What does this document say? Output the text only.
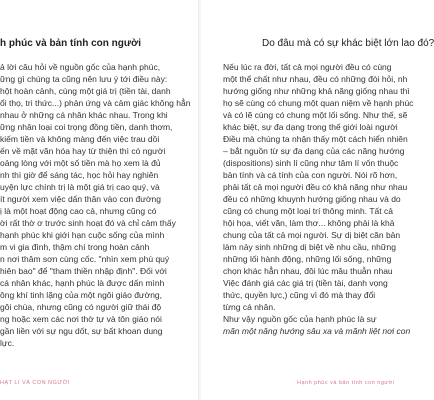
h phúc và bản tính con người
ả lời câu hỏi về nguồn gốc của hạnh phúc,
ững gì chúng ta cũng nên lưu ý tới điều này:
hột hoàn cảnh, cùng một giá trị (tiền tài, danh
ổi thọ, tri thức...) phản ứng và cảm giác không hẳn
nhau ở những cá nhân khác nhau. Trong khi
ững nhân loại coi trọng đồng tiền, danh thơm,
kiếm tiền và không màng đến việc trau dồi
ến về mặt văn hóa hay từ thiện thì có người
oảng lòng với một số tiền mà họ xem là đủ
nh thì giờ để sáng tác, học hỏi hay nghiên
uyện lực chính trị là một giá trị cao quý, và
ít người xem việc dấn thân vào con đường
ị là một hoạt động cao cả, nhưng cũng có
ời rất thờ ơ trước sinh hoạt đó và chỉ cảm thấy
hạnh phúc khi giới hạn cuộc sống của mình
m vi gia đình, thậm chí trong hoàn cảnh
n nơi thâm sơn cùng cốc. "nhìn xem phù quý
hiên bao" để "tham thiền nhập định". Đối với
cá nhân khác, hạnh phúc là được dấn mình
ông khí tinh lặng của một ngôi giáo đường,
gôi chùa, nhưng cũng có người giữ thái độ
ng hoặc xem các nơi thờ tự và tôn giáo nói
gần liền với sự ngu dốt, sự bất khoan dung
lực.
HẠT LI VÀ CON NGƯỜI
Do đâu mà có sự khác biệt lớn lao đó?
Nếu lúc ra đời, tất cả mọi người đều có cùng
một thể chất như nhau, đều có những đòi hỏi, nh
hướng giống như những khả năng giống nhau thì
họ sẽ cùng có chung một quan niệm về hạnh phúc
và có lẽ cùng có chung một lối sống. Như thế, sẽ
khác biệt, sự đa dạng trong thế giới loài người
Điều mà chúng ta nhận thấy một cách hiển nhiên
– bắt nguồn từ sự đa dạng của các năng hướng
(dispositions) sinh lí cũng như tâm lí vốn thuộc
bản tính và cá tính của con người. Nói rõ hơn,
phải tất cả mọi người đều có khả năng như nhau
đều có những khuynh hướng giống nhau và do
cũng có chung một loại trí thông minh. Tất cả
hội họa, viết văn, làm thơ... không phải là khả
chung của tất cả mọi người. Sự dị biệt căn bản
làm nảy sinh những dị biệt về nhu cầu, những
những lối hành động, những lối sống, những
chọn khác hẳn nhau, đôi lúc mâu thuẫn nhau
Việc đánh giá các giá trị (tiền tài, danh vọng
thức, quyền lực,) cũng vì đó mà thay đổi
từng cá nhân.
Như vậy nguồn gốc của hạnh phúc là sự
mãn một năng hướng sâu xa và mãnh liệt nơi con
Hạnh phúc và bản tính con người
